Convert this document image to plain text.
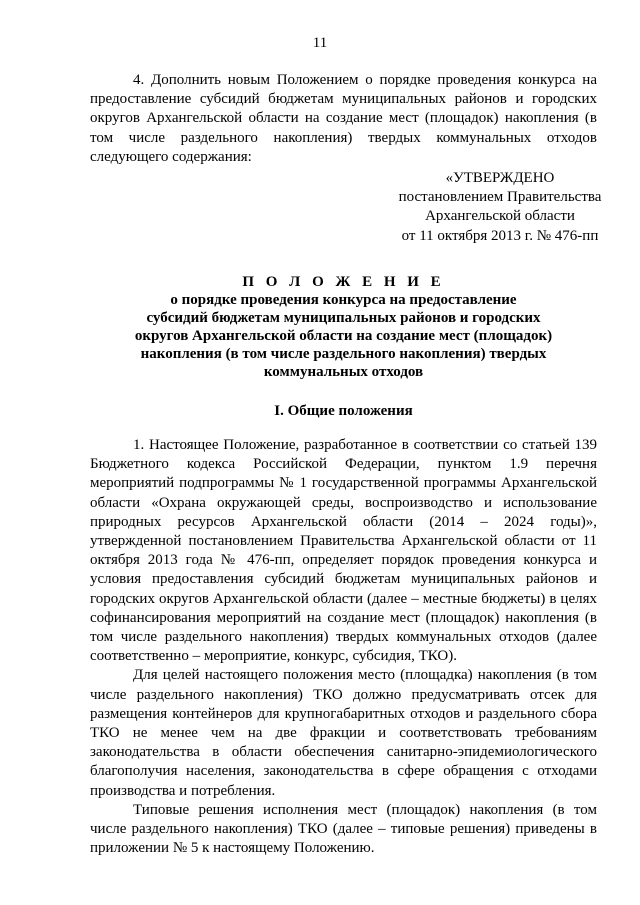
11

4. Дополнить новым Положением о порядке проведения конкурса на предоставление субсидий бюджетам муниципальных районов и городских округов Архангельской области на создание мест (площадок) накопления (в том числе раздельного накопления) твердых коммунальных отходов следующего содержания:

«УТВЕРЖДЕНО
постановлением Правительства
Архангельской области
от 11 октября 2013 г. № 476-пп
П О Л О Ж Е Н И Е
о порядке проведения конкурса на предоставление
субсидий бюджетам муниципальных районов и городских
округов Архангельской области на создание мест (площадок)
накопления (в том числе раздельного накопления) твердых
коммунальных отходов
I. Общие положения

1. Настоящее Положение, разработанное в соответствии со статьей 139 Бюджетного кодекса Российской Федерации, пунктом 1.9 перечня мероприятий подпрограммы № 1 государственной программы Архангельской области «Охрана окружающей среды, воспроизводство и использование природных ресурсов Архангельской области (2014 – 2024 годы)», утвержденной постановлением Правительства Архангельской области от 11 октября 2013 года № 476-пп, определяет порядок проведения конкурса и условия предоставления субсидий бюджетам муниципальных районов и городских округов Архангельской области (далее – местные бюджеты) в целях софинансирования мероприятий на создание мест (площадок) накопления (в том числе раздельного накопления) твердых коммунальных отходов (далее соответственно – мероприятие, конкурс, субсидия, ТКО).

Для целей настоящего положения место (площадка) накопления (в том числе раздельного накопления) ТКО должно предусматривать отсек для размещения контейнеров для крупногабаритных отходов и раздельного сбора ТКО не менее чем на две фракции и соответствовать требованиям законодательства в области обеспечения санитарно-эпидемиологического благополучия населения, законодательства в сфере обращения с отходами производства и потребления.

Типовые решения исполнения мест (площадок) накопления (в том числе раздельного накопления) ТКО (далее – типовые решения) приведены в приложении № 5 к настоящему Положению.
